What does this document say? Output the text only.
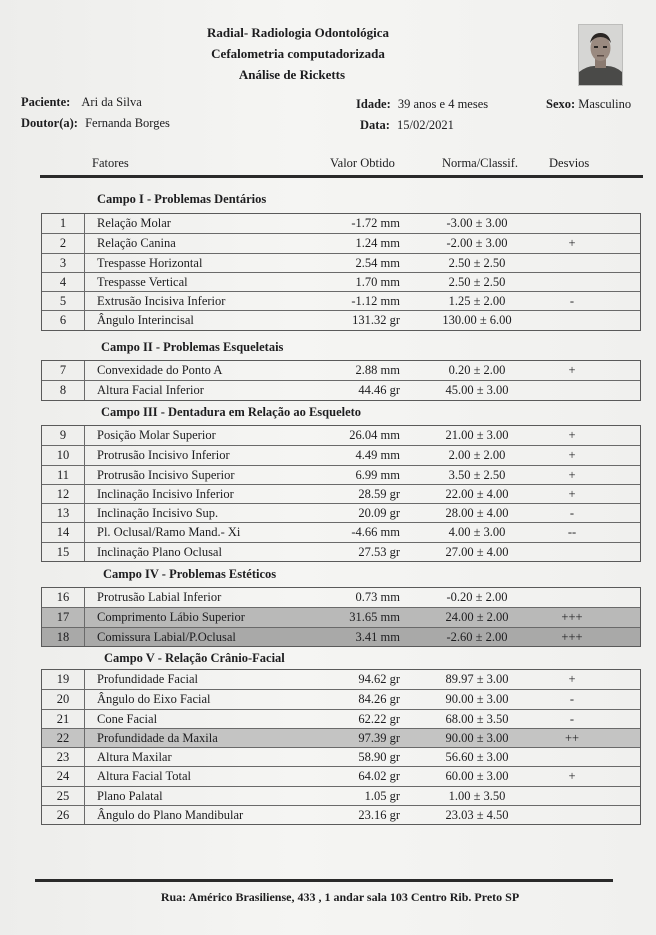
Radial- Radiologia Odontológica
Cefalometria computadorizada
Análise de Ricketts
Paciente: Ari da Silva
Doutor(a): Fernanda Borges
Idade: 39 anos e 4 meses
Data: 15/02/2021
Sexo: Masculino
Fatores	Valor Obtido	Norma/Classif. Desvios
Campo I - Problemas Dentários
1	Relação Molar	-1.72 mm	-3.00 ± 3.00
2	Relação Canina	1.24 mm	-2.00 ± 3.00	+
3	Trespasse Horizontal	2.54 mm	2.50 ± 2.50
4	Trespasse Vertical	1.70 mm	2.50 ± 2.50
5	Extrusão Incisiva Inferior	-1.12 mm	1.25 ± 2.00	-
6	Ângulo Interincisal	131.32 gr	130.00 ± 6.00
Campo II - Problemas Esqueletais
7	Convexidade do Ponto A	2.88 mm	0.20 ± 2.00	+
8	Altura Facial Inferior	44.46 gr	45.00 ± 3.00
Campo III - Dentadura em Relação ao Esqueleto
9	Posição Molar Superior	26.04 mm	21.00 ± 3.00	+
10	Protrusão Incisivo Inferior	4.49 mm	2.00 ± 2.00	+
11	Protrusão Incisivo Superior	6.99 mm	3.50 ± 2.50	+
12	Inclinação Incisivo Inferior	28.59 gr	22.00 ± 4.00	+
13	Inclinação Incisivo Sup.	20.09 gr	28.00 ± 4.00	-
14	Pl. Oclusal/Ramo Mand.- Xi	-4.66 mm	4.00 ± 3.00	--
15	Inclinação Plano Oclusal	27.53 gr	27.00 ± 4.00
Campo IV - Problemas Estéticos
16	Protrusão Labial Inferior	0.73 mm	-0.20 ± 2.00
17	Comprimento Lábio Superior	31.65 mm	24.00 ± 2.00	+++
18	Comissura Labial/P.Oclusal	3.41 mm	-2.60 ± 2.00	+++
Campo V - Relação Crânio-Facial
19	Profundidade Facial	94.62 gr	89.97 ± 3.00	+
20	Ângulo do Eixo Facial	84.26 gr	90.00 ± 3.00	-
21	Cone Facial	62.22 gr	68.00 ± 3.50	-
22	Profundidade da Maxila	97.39 gr	90.00 ± 3.00	++
23	Altura Maxilar	58.90 gr	56.60 ± 3.00
24	Altura Facial Total	64.02 gr	60.00 ± 3.00	+
25	Plano Palatal	1.05 gr	1.00 ± 3.50
26	Ângulo do Plano Mandibular	23.16 gr	23.03 ± 4.50
Rua: Américo Brasiliense, 433 , 1 andar sala 103 Centro Rib. Preto SP
